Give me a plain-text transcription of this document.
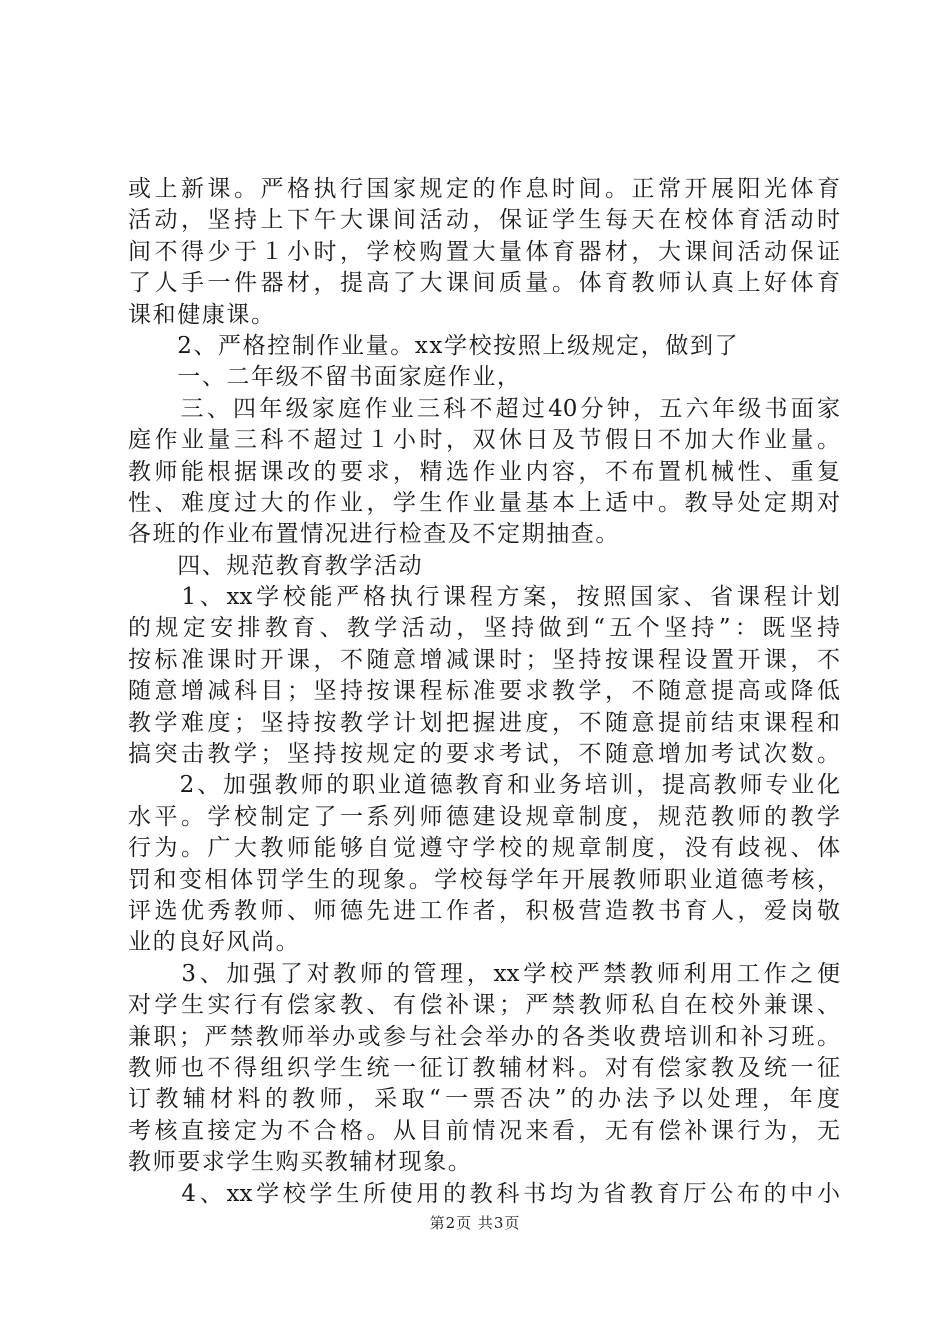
或上新课。严格执行国家规定的作息时间。正常开展阳光体育
活动，坚持上下午大课间活动，保证学生每天在校体育活动时
间不得少于１小时，学校购置大量体育器材，大课间活动保证
了人手一件器材，提高了大课间质量。体育教师认真上好体育
课和健康课。
　　2、严格控制作业量。xx学校按照上级规定，做到了
　　一、二年级不留书面家庭作业，
　　三、四年级家庭作业三科不超过40分钟，五六年级书面家
庭作业量三科不超过１小时，双休日及节假日不加大作业量。
教师能根据课改的要求，精选作业内容，不布置机械性、重复
性、难度过大的作业，学生作业量基本上适中。教导处定期对
各班的作业布置情况进行检查及不定期抽查。
　　四、规范教育教学活动
　　1、xx学校能严格执行课程方案，按照国家、省课程计划
的规定安排教育、教学活动，坚持做到“五个坚持”：既坚持
按标准课时开课，不随意增减课时；坚持按课程设置开课，不
随意增减科目；坚持按课程标准要求教学，不随意提高或降低
教学难度；坚持按教学计划把握进度，不随意提前结束课程和
搞突击教学；坚持按规定的要求考试，不随意增加考试次数。
　　2、加强教师的职业道德教育和业务培训，提高教师专业化
水平。学校制定了一系列师德建设规章制度，规范教师的教学
行为。广大教师能够自觉遵守学校的规章制度，没有歧视、体
罚和变相体罚学生的现象。学校每学年开展教师职业道德考核，
评选优秀教师、师德先进工作者，积极营造教书育人，爱岗敬
业的良好风尚。
　　3、加强了对教师的管理，xx学校严禁教师利用工作之便
对学生实行有偿家教、有偿补课；严禁教师私自在校外兼课、
兼职；严禁教师举办或参与社会举办的各类收费培训和补习班。
教师也不得组织学生统一征订教辅材料。对有偿家教及统一征
订教辅材料的教师，采取“一票否决”的办法予以处理，年度
考核直接定为不合格。从目前情况来看，无有偿补课行为，无
教师要求学生购买教辅材现象。
　　4、xx学校学生所使用的教科书均为省教育厅公布的中小
第2页 共3页
